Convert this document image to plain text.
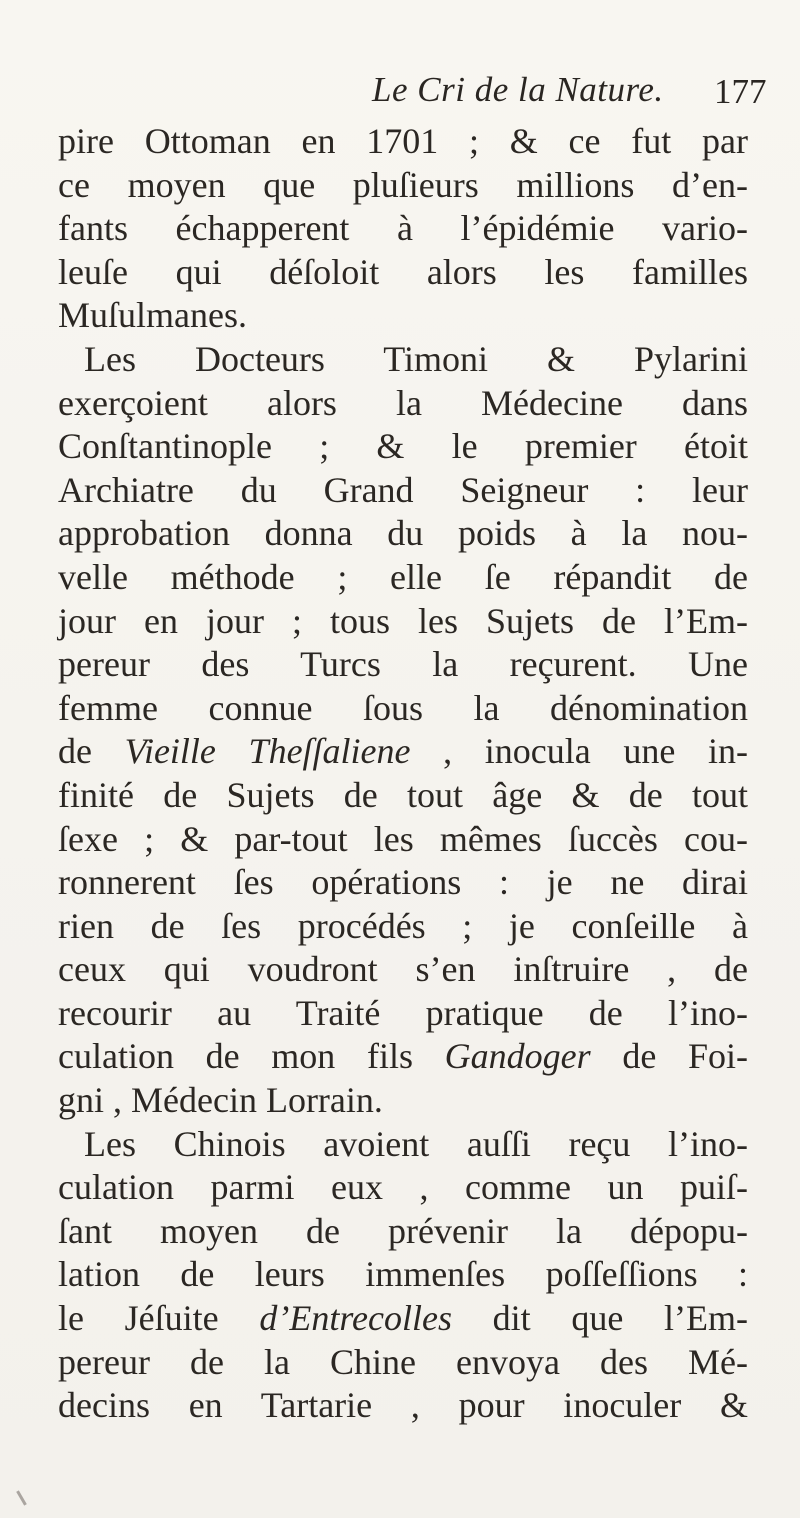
Le Cri de la Nature. 177
pire Ottoman en 1701 ; & ce fut par
ce moyen que pluſieurs millions d’en-
fants échapperent à l’épidémie vario-
leuſe qui déſoloit alors les familles
Muſulmanes.
Les Docteurs Timoni & Pylarini
exerçoient alors la Médecine dans
Conſtantinople ; & le premier étoit
Archiatre du Grand Seigneur : leur
approbation donna du poids à la nou-
velle méthode ; elle ſe répandit de
jour en jour ; tous les Sujets de l’Em-
pereur des Turcs la reçurent. Une
femme connue ſous la dénomination
de Vieille Theſſaliene , inocula une in-
finité de Sujets de tout âge & de tout
ſexe ; & par-tout les mêmes ſuccès cou-
ronnerent ſes opérations : je ne dirai
rien de ſes procédés ; je conſeille à
ceux qui voudront s’en inſtruire , de
recourir au Traité pratique de l’ino-
culation de mon fils Gandoger de Foi-
gni , Médecin Lorrain.
Les Chinois avoient auſſi reçu l’ino-
culation parmi eux , comme un puiſ-
ſant moyen de prévenir la dépopu-
lation de leurs immenſes poſſeſſions :
le Jéſuite d’Entrecolles dit que l’Em-
pereur de la Chine envoya des Mé-
decins en Tartarie , pour inoculer &
